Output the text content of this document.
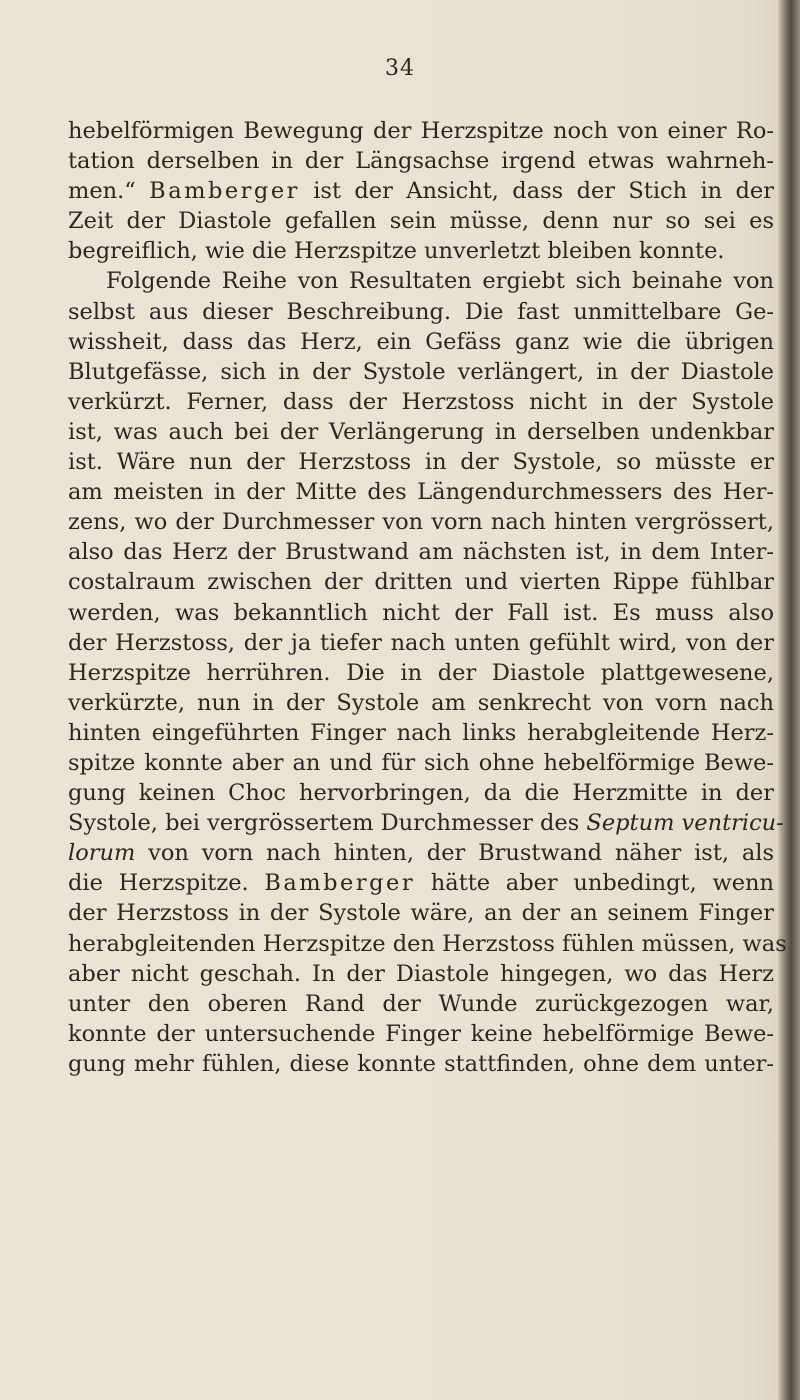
34
hebelförmigen Bewegung der Herzspitze noch von einer Ro-
tation derselben in der Längsachse irgend etwas wahrneh-
men.“ Bamberger ist der Ansicht, dass der Stich in der
Zeit der Diastole gefallen sein müsse, denn nur so sei es
begreiflich, wie die Herzspitze unverletzt bleiben konnte.
Folgende Reihe von Resultaten ergiebt sich beinahe von
selbst aus dieser Beschreibung. Die fast unmittelbare Ge-
wissheit, dass das Herz, ein Gefäss ganz wie die übrigen
Blutgefässe, sich in der Systole verlängert, in der Diastole
verkürzt. Ferner, dass der Herzstoss nicht in der Systole
ist, was auch bei der Verlängerung in derselben undenkbar
ist. Wäre nun der Herzstoss in der Systole, so müsste er
am meisten in der Mitte des Längendurchmessers des Her-
zens, wo der Durchmesser von vorn nach hinten vergrössert,
also das Herz der Brustwand am nächsten ist, in dem Inter-
costalraum zwischen der dritten und vierten Rippe fühlbar
werden, was bekanntlich nicht der Fall ist. Es muss also
der Herzstoss, der ja tiefer nach unten gefühlt wird, von der
Herzspitze herrühren. Die in der Diastole plattgewesene,
verkürzte, nun in der Systole am senkrecht von vorn nach
hinten eingeführten Finger nach links herabgleitende Herz-
spitze konnte aber an und für sich ohne hebelförmige Bewe-
gung keinen Choc hervorbringen, da die Herzmitte in der
Systole, bei vergrössertem Durchmesser des Septum ventricu-
lorum von vorn nach hinten, der Brustwand näher ist, als
die Herzspitze. Bamberger hätte aber unbedingt, wenn
der Herzstoss in der Systole wäre, an der an seinem Finger
herabgleitenden Herzspitze den Herzstoss fühlen müssen, was
aber nicht geschah. In der Diastole hingegen, wo das Herz
unter den oberen Rand der Wunde zurückgezogen war,
konnte der untersuchende Finger keine hebelförmige Bewe-
gung mehr fühlen, diese konnte stattfinden, ohne dem unter-
